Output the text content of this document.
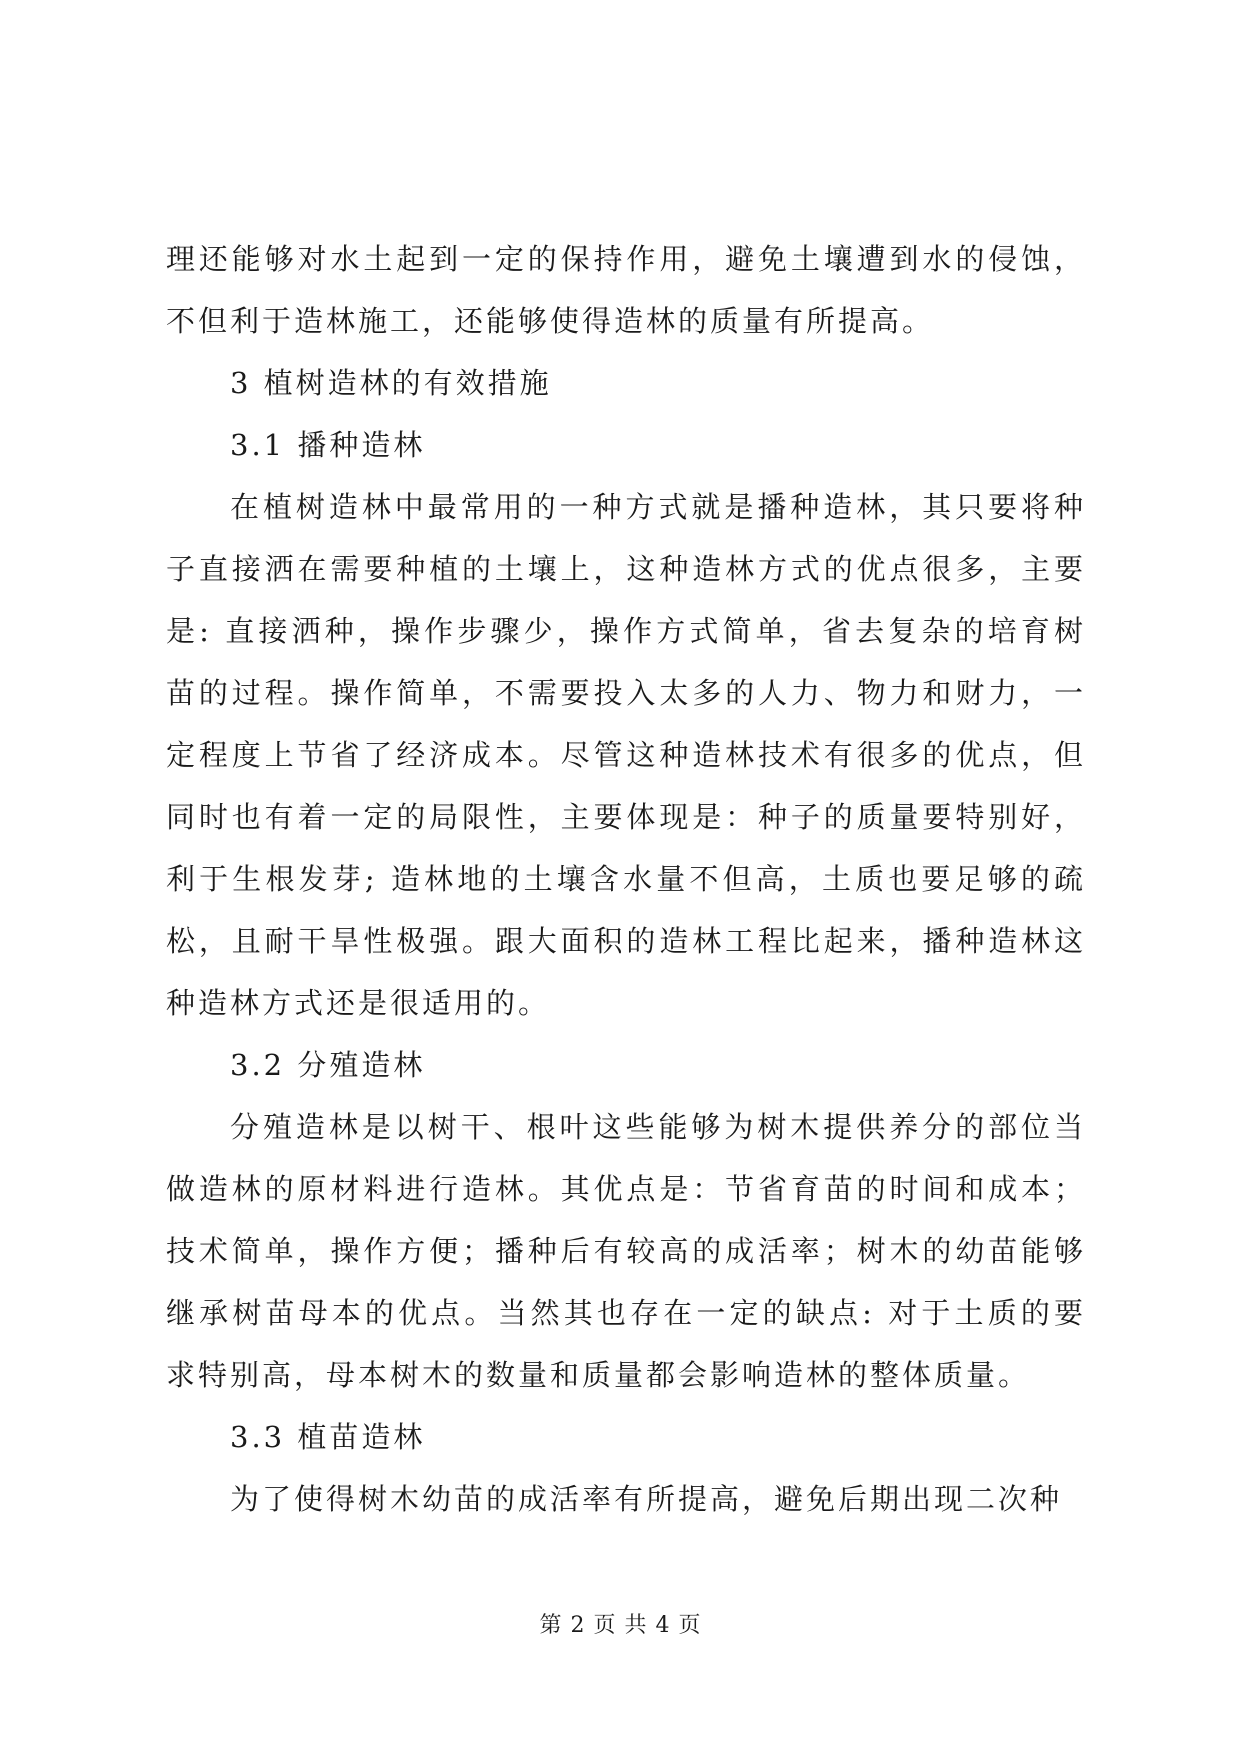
理还能够对水土起到一定的保持作用，避免土壤遭到水的侵蚀，不但利于造林施工，还能够使得造林的质量有所提高。

3 植树造林的有效措施

3.1 播种造林

在植树造林中最常用的一种方式就是播种造林，其只要将种子直接洒在需要种植的土壤上，这种造林方式的优点很多，主要是: 直接洒种，操作步骤少，操作方式简单，省去复杂的培育树苗的过程。操作简单，不需要投入太多的人力、物力和财力，一定程度上节省了经济成本。尽管这种造林技术有很多的优点，但同时也有着一定的局限性，主要体现是：种子的质量要特别好，利于生根发芽; 造林地的土壤含水量不但高，土质也要足够的疏松，且耐干旱性极强。跟大面积的造林工程比起来，播种造林这种造林方式还是很适用的。

3.2 分殖造林

分殖造林是以树干、根叶这些能够为树木提供养分的部位当做造林的原材料进行造林。其优点是：节省育苗的时间和成本；技术简单，操作方便；播种后有较高的成活率；树木的幼苗能够继承树苗母本的优点。当然其也存在一定的缺点: 对于土质的要求特别高，母本树木的数量和质量都会影响造林的整体质量。

3.3 植苗造林

为了使得树木幼苗的成活率有所提高，避免后期出现二次种

第 2 页 共 4 页
